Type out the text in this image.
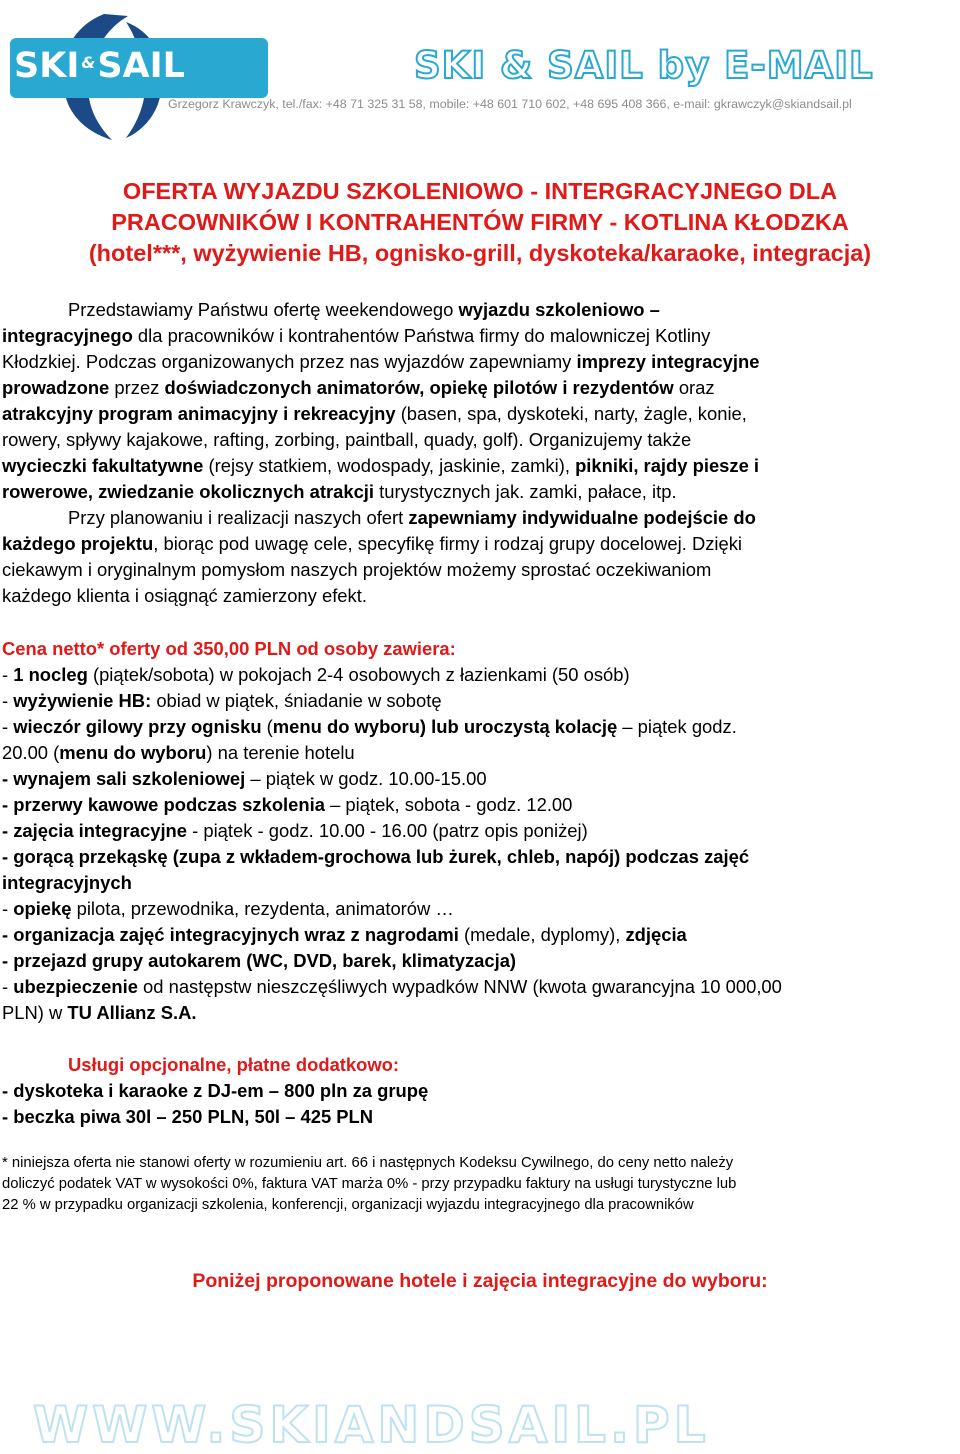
SKI &SAIL	SKI & SAIL by E-MAIL
Grzegorz Krawczyk, tel./fax: +48 71 325 31 58, mobile: +48 601 710 602, +48 695 408 366, e-mail: gkrawczyk@skiandsail.pl
OFERTA WYJAZDU SZKOLENIOWO - INTERGRACYJNEGO DLA
PRACOWNIKÓW I KONTRAHENTÓW FIRMY - KOTLINA KŁODZKA
(hotel***, wyżywienie HB, ognisko-grill, dyskoteka/karaoke, integracja)
Przedstawiamy Państwu ofertę weekendowego wyjazdu szkoleniowo –
integracyjnego dla pracowników i kontrahentów Państwa firmy do malowniczej Kotliny
Kłodzkiej. Podczas organizowanych przez nas wyjazdów zapewniamy imprezy integracyjne
prowadzone przez doświadczonych animatorów, opiekę pilotów i rezydentów oraz
atrakcyjny program animacyjny i rekreacyjny (basen, spa, dyskoteki, narty, żagle, konie,
rowery, spływy kajakowe, rafting, zorbing, paintball, quady, golf). Organizujemy także
wycieczki fakultatywne (rejsy statkiem, wodospady, jaskinie, zamki), pikniki, rajdy piesze i
rowerowe, zwiedzanie okolicznych atrakcji turystycznych jak. zamki, pałace, itp.
Przy planowaniu i realizacji naszych ofert zapewniamy indywidualne podejście do
każdego projektu, biorąc pod uwagę cele, specyfikę firmy i rodzaj grupy docelowej. Dzięki
ciekawym i oryginalnym pomysłom naszych projektów możemy sprostać oczekiwaniom
każdego klienta i osiągnąć zamierzony efekt.
Cena netto* oferty od 350,00 PLN od osoby zawiera:
- 1 nocleg (piątek/sobota) w pokojach 2-4 osobowych z łazienkami (50 osób)
- wyżywienie HB: obiad w piątek, śniadanie w sobotę
- wieczór gilowy przy ognisku (menu do wyboru) lub uroczystą kolację – piątek godz.
20.00 (menu do wyboru) na terenie hotelu
- wynajem sali szkoleniowej – piątek w godz. 10.00-15.00
- przerwy kawowe podczas szkolenia – piątek, sobota - godz. 12.00
- zajęcia integracyjne - piątek - godz. 10.00 - 16.00 (patrz opis poniżej)
- gorącą przekąskę (zupa z wkładem-grochowa lub żurek, chleb, napój) podczas zajęć
integracyjnych
- opiekę pilota, przewodnika, rezydenta, animatorów …
- organizacja zajęć integracyjnych wraz z nagrodami (medale, dyplomy), zdjęcia
- przejazd grupy autokarem (WC, DVD, barek, klimatyzacja)
- ubezpieczenie od następstw nieszczęśliwych wypadków NNW (kwota gwarancyjna 10 000,00
PLN) w TU Allianz S.A.
Usługi opcjonalne, płatne dodatkowo:
- dyskoteka i karaoke z DJ-em – 800 pln za grupę
- beczka piwa 30l – 250 PLN, 50l – 425 PLN
* niniejsza oferta nie stanowi oferty w rozumieniu art. 66 i następnych Kodeksu Cywilnego, do ceny netto należy
doliczyć podatek VAT w wysokości 0%, faktura VAT marża 0% - przy przypadku faktury na usługi turystyczne lub
22 % w przypadku organizacji szkolenia, konferencji, organizacji wyjazdu integracyjnego dla pracowników
Poniżej proponowane hotele i zajęcia integracyjne do wyboru:
WWW.SKIANDSAIL.PL
